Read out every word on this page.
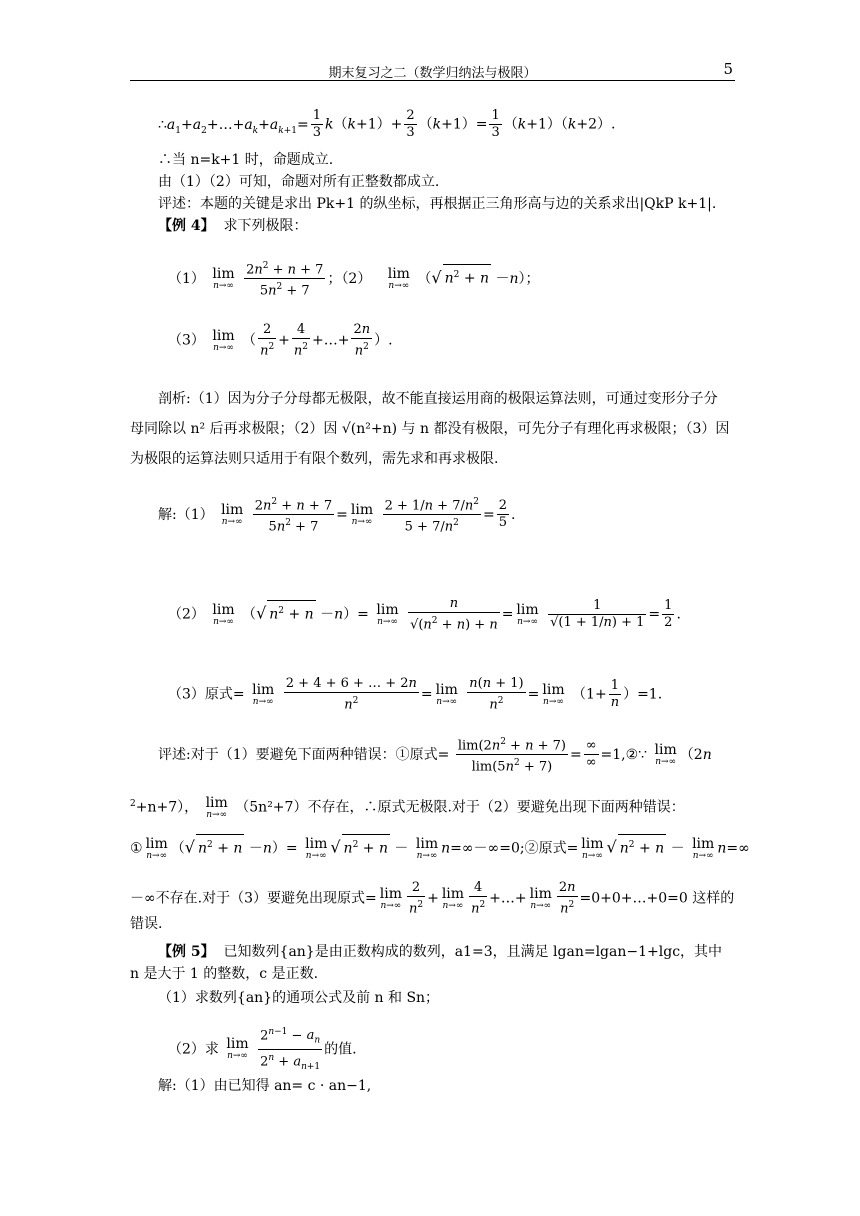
期末复习之二（数学归纳法与极限）	5
$\therefore a_1+a_2+\dots+a_k+a_{k+1}= \frac{1}{3} k(k+1)+ \frac{2}{3} (k+1)= \frac{1}{3} (k+1)(k+2)$.
∴当 n=k+1 时，命题成立.
由（1）（2）可知，命题对所有正整数都成立.
评述：本题的关键是求出 Pk+1 的纵坐标，再根据正三角形高与边的关系求出|QkP k+1|.
【例 4】 求下列极限：
（1） lim
n→∞
$\frac{2n^2 + n + 7}{5n^2 + 7}$ ；（2） lim
n→∞ （√ $n^2 + n -n$）；
（3） lim
n→∞ （ $\frac{2}{n^2} + \frac{4}{n^2}$ +…+ $\frac{2n}{n^2}$ ）.
剖析:（1）因为分子分母都无极限，故不能直接运用商的极限运算法则，可通过变形分子分母同除以 n² 后再求极限；（2）因 √(n²+n) 与 n 都没有极限，可先分子有理化再求极限；（3）因为极限的运算法则只适用于有限个数列，需先求和再求极限.
解:（1） lim
n→∞
$\frac{2n^2 + n + 7}{5n^2 + 7} = \lim$
n→∞
$\frac{2 + 1/n + 7/n^2}{5 + 7/n^2} = \frac{2}{5}$ .
（2） lim
n→∞ （√ $n^2 + n -n)= \lim$
n→∞
$\frac{n}{√(n^2 + n) + n} = \lim$
n→∞
$\frac{1}{√(1 + 1/n) + 1} = \frac{1}{2}$ .
（3）原式= lim
n→∞
$\frac{2 + 4 + 6 + \dots + 2n}{n^2} = \lim$
n→∞
$\frac{n(n + 1)}{n^2} = \lim$
n→∞ $(1+ \frac{1}{n} )=1$.
评述:对于（1）要避免下面两种错误：①原式= $\frac{\lim(2n^2 + n + 7)}{\lim(5n^2 + 7)} = \frac{\infty}{\infty}$ =1,②∵ lim
n→∞ （2n
$^2$+n+7）， lim
n→∞ （5n²+7）不存在，∴原式无极限.对于（2）要避免出现下面两种错误：
① lim
n→∞ （√ $n^2 + n -n)= \lim$
n→∞ √ $n^2 + n - \lim$
n→∞ n=∞－∞=0;②原式= lim
n→∞ √ $n^2 + n - \lim$
n→∞ n=∞
－∞不存在.对于（3）要避免出现原式= lim
$n\to\infty \frac{2}{n^2} + \lim$
$n\to\infty \frac{4}{n^2}$ +…+ lim
$n\to\infty \frac{2n}{n^2}$ =0+0+…+0=0 这样的
错误.
【例 5】 已知数列{an}是由正数构成的数列，a1=3，且满足 lgan=lgan−1+lgc，其中
n 是大于 1 的整数，c 是正数.
（1）求数列{an}的通项公式及前 n 和 Sn；
（2）求 lim
n→∞
$\frac{2^{n-1} - a_n}{2^n + a_{n+1}}$ 的值.
解:（1）由已知得 an= c · an−1,
